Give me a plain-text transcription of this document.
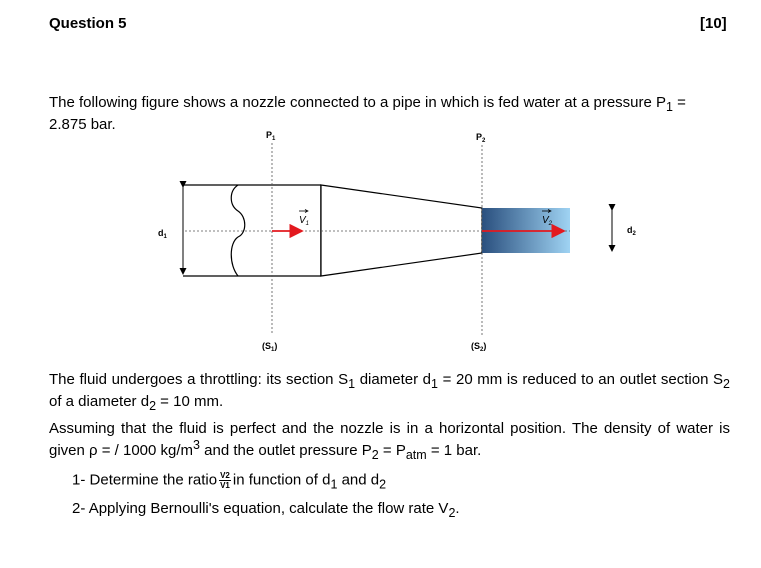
Question 5	[10]
The following figure shows a nozzle connected to a pipe in which is fed water at a pressure $P_1$ =
2.875 bar.
$d_1$
$d_2$
$V_1$	$V_2$
$P_1$	$P_2$
$(S_1)$	$(S_2)$
The fluid undergoes a throttling: its section $S_1$ diameter $d_1 = 20$ mm is reduced to an outlet section $S_2$ of a diameter $d_2 = 10$ mm.
Assuming that the fluid is perfect and the nozzle is in a horizontal position. The density of water is given ρ = / 1000 $kg/m^3$ and the outlet pressure $P_2 = P_{atm} = 1$ bar.
1- Determine the ratio $\frac{V2}{V1}$ in function of $d_1$ and $d_2$
2- Applying Bernoulli's equation, calculate the flow rate $V_2$.
